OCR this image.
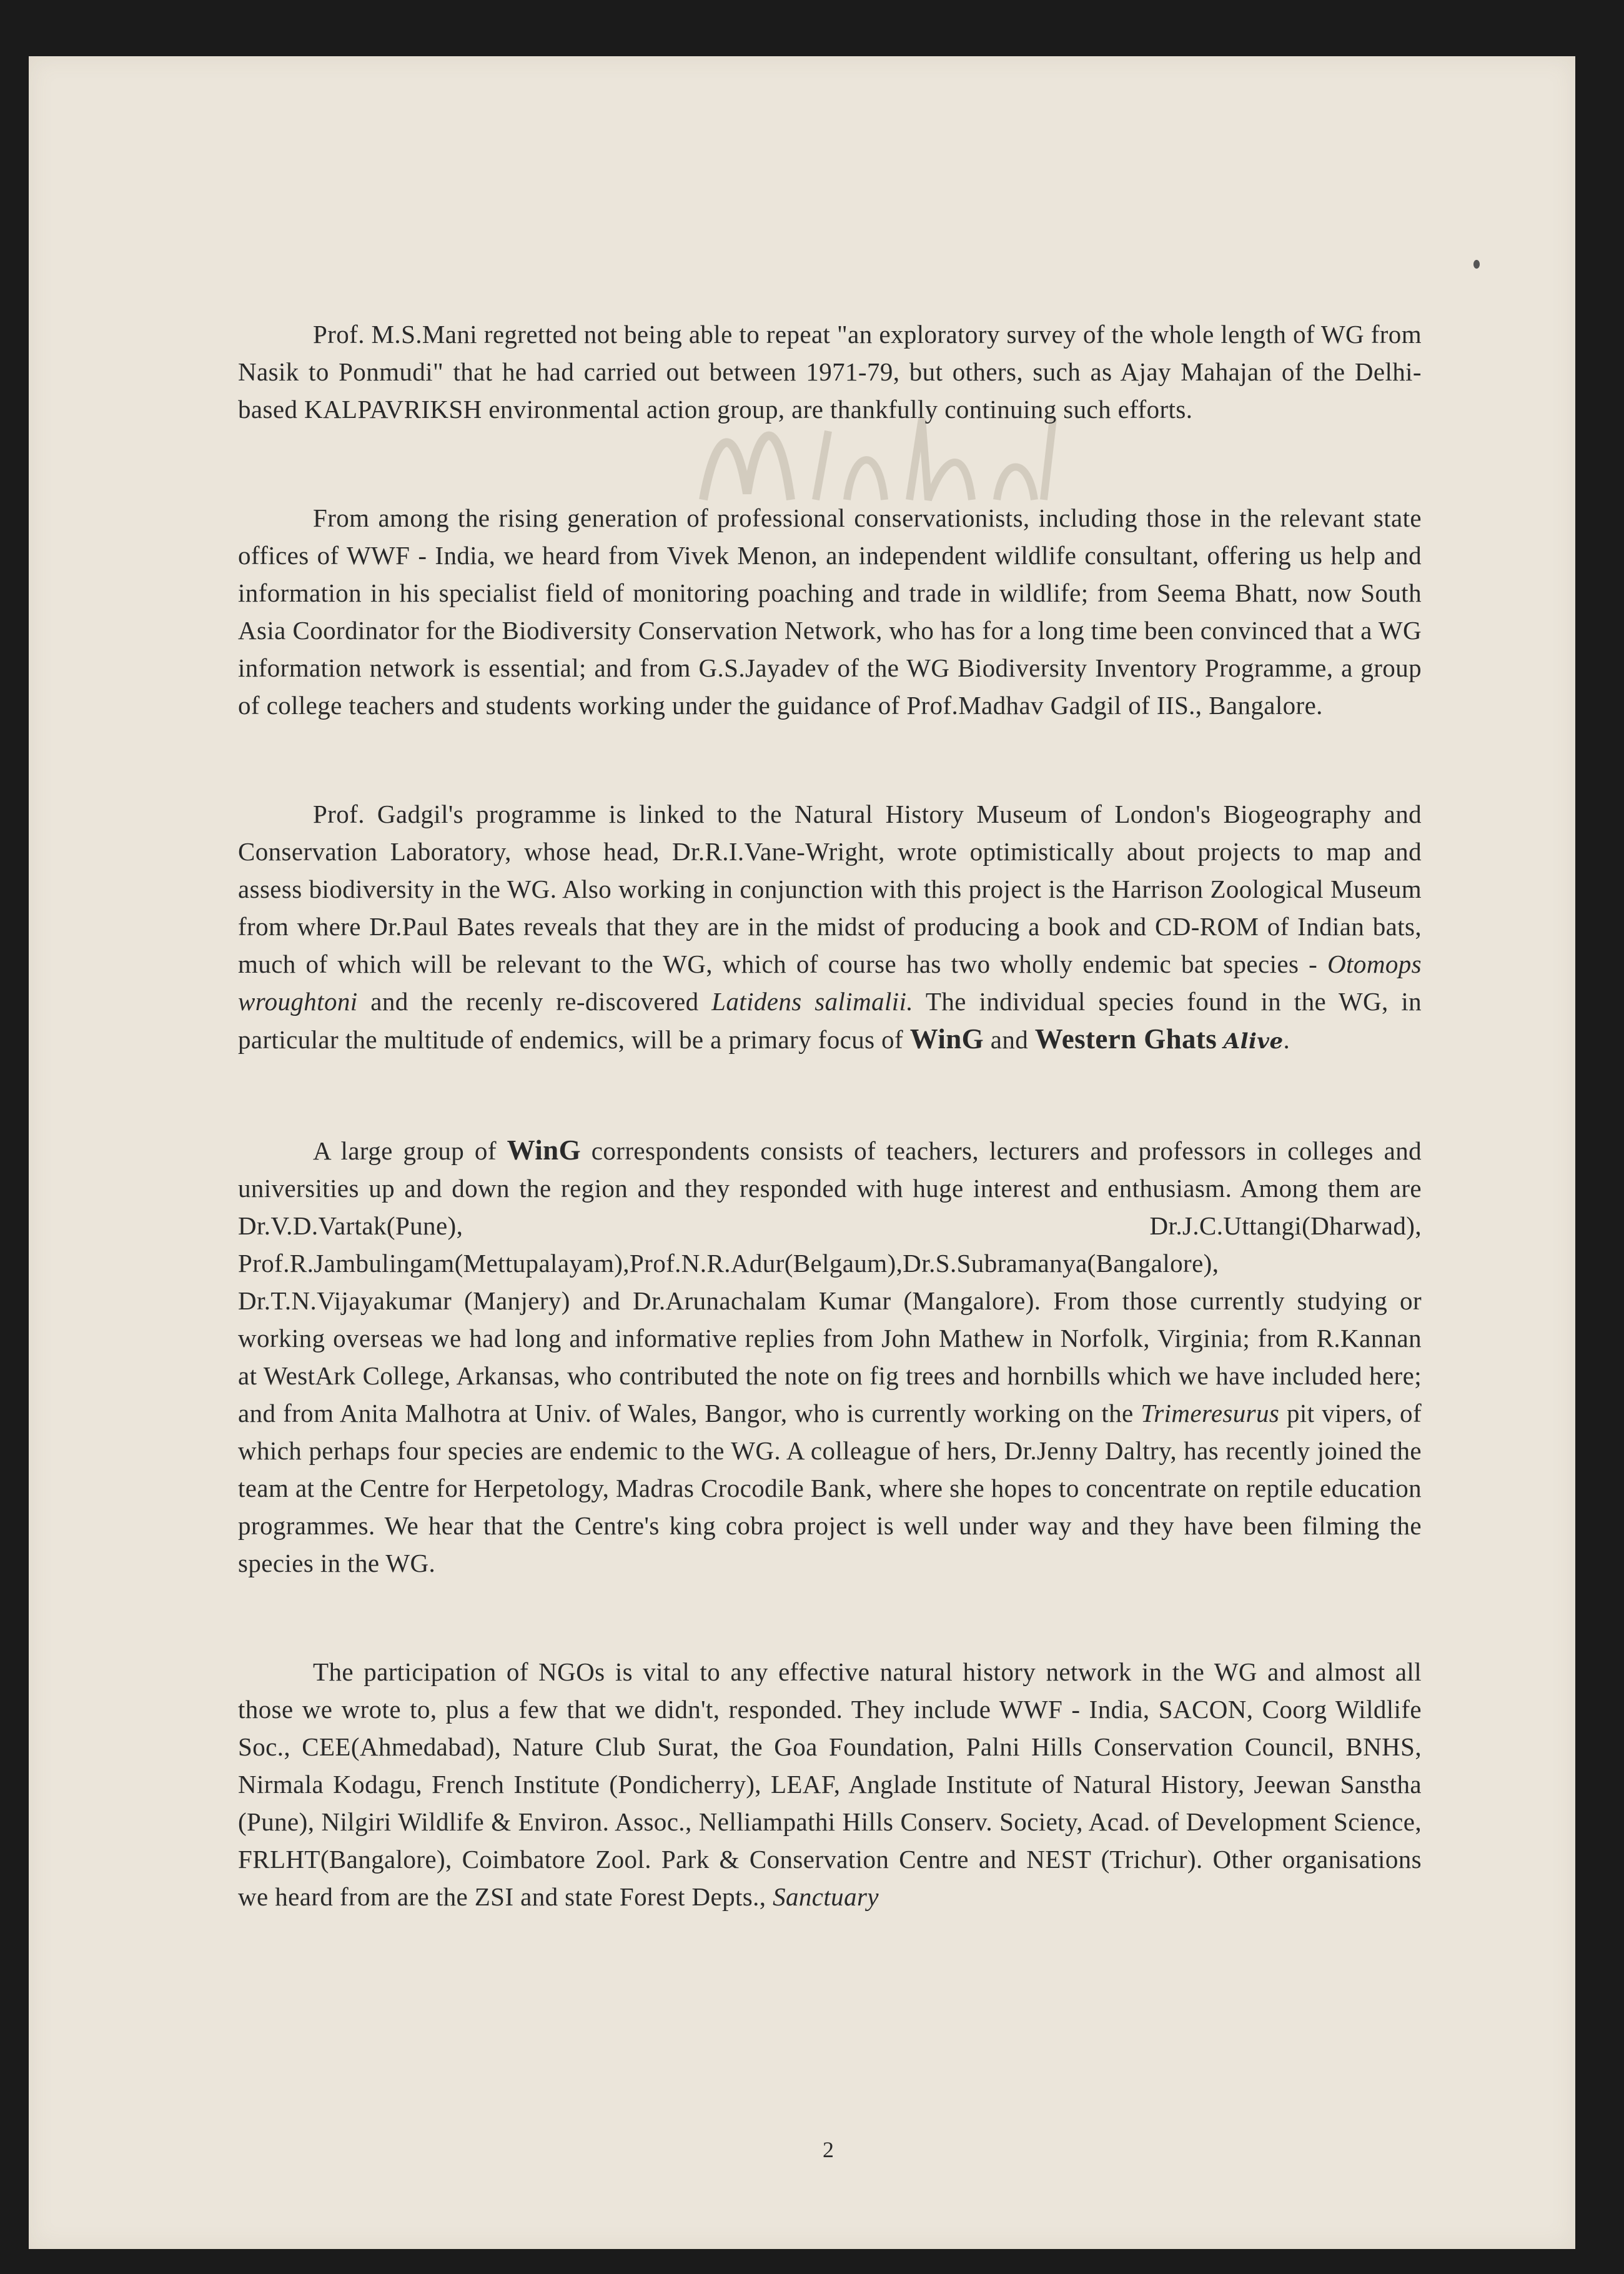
Prof. M.S.Mani regretted not being able to repeat "an exploratory survey of the whole length of WG from Nasik to Ponmudi" that he had carried out between 1971-79, but others, such as Ajay Mahajan of the Delhi-based KALPAVRIKSH environmental action group, are thankfully continuing such efforts.

From among the rising generation of professional conservationists, including those in the relevant state offices of WWF - India, we heard from Vivek Menon, an independent wildlife consultant, offering us help and information in his specialist field of monitoring poaching and trade in wildlife; from Seema Bhatt, now South Asia Coordinator for the Biodiversity Conservation Network, who has for a long time been convinced that a WG information network is essential; and from G.S.Jayadev of the WG Biodiversity Inventory Programme, a group of college teachers and students working under the guidance of Prof.Madhav Gadgil of IIS., Bangalore.

Prof. Gadgil's programme is linked to the Natural History Museum of London's Biogeography and Conservation Laboratory, whose head, Dr.R.I.Vane-Wright, wrote optimistically about projects to map and assess biodiversity in the WG. Also working in conjunction with this project is the Harrison Zoological Museum from where Dr.Paul Bates reveals that they are in the midst of producing a book and CD-ROM of Indian bats, much of which will be relevant to the WG, which of course has two wholly endemic bat species - Otomops wroughtoni and the recenly re-discovered Latidens salimalii. The individual species found in the WG, in particular the multitude of endemics, will be a primary focus of WinG and Western Ghats Alive.

A large group of WinG correspondents consists of teachers, lecturers and professors in colleges and universities up and down the region and they responded with huge interest and enthusiasm. Among them are Dr.V.D.Vartak(Pune), Dr.J.C.Uttangi(Dharwad), Prof.R.Jambulingam(Mettupalayam),Prof.N.R.Adur(Belgaum),Dr.S.Subramanya(Bangalore), Dr.T.N.Vijayakumar (Manjery) and Dr.Arunachalam Kumar (Mangalore). From those currently studying or working overseas we had long and informative replies from John Mathew in Norfolk, Virginia; from R.Kannan at WestArk College, Arkansas, who contributed the note on fig trees and hornbills which we have included here; and from Anita Malhotra at Univ. of Wales, Bangor, who is currently working on the Trimeresurus pit vipers, of which perhaps four species are endemic to the WG. A colleague of hers, Dr.Jenny Daltry, has recently joined the team at the Centre for Herpetology, Madras Crocodile Bank, where she hopes to concentrate on reptile education programmes. We hear that the Centre's king cobra project is well under way and they have been filming the species in the WG.

The participation of NGOs is vital to any effective natural history network in the WG and almost all those we wrote to, plus a few that we didn't, responded. They include WWF - India, SACON, Coorg Wildlife Soc., CEE(Ahmedabad), Nature Club Surat, the Goa Foundation, Palni Hills Conservation Council, BNHS, Nirmala Kodagu, French Institute (Pondicherry), LEAF, Anglade Institute of Natural History, Jeewan Sanstha (Pune), Nilgiri Wildlife & Environ. Assoc., Nelliampathi Hills Conserv. Society, Acad. of Development Science, FRLHT(Bangalore), Coimbatore Zool. Park & Conservation Centre and NEST (Trichur). Other organisations we heard from are the ZSI and state Forest Depts., Sanctuary

2
